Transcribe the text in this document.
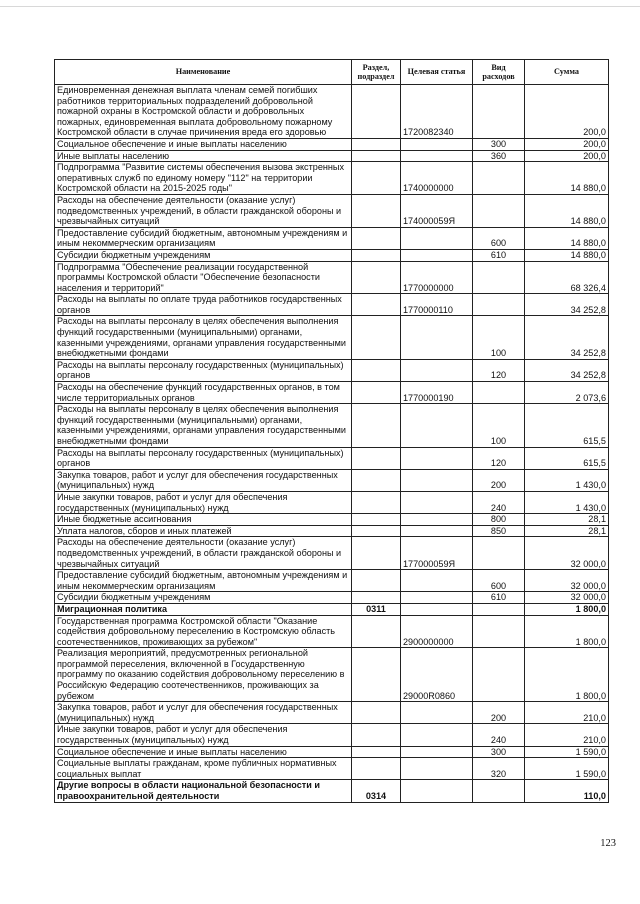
Наименование	Раздел, подраздел	Целевая статья	Вид расходов	Сумма
Единовременная денежная выплата членам семей погибших работников территориальных подразделений добровольной пожарной охраны в Костромской области и добровольных пожарных, единовременная выплата добровольному пожарному Костромской области в случае причинения вреда его здоровью		1720082340		200,0
Социальное обеспечение и иные выплаты населению			300	200,0
Иные выплаты населению			360	200,0
Подпрограмма "Развитие системы обеспечения вызова экстренных оперативных служб по единому номеру "112" на территории Костромской области на 2015-2025 годы"		1740000000		14 880,0
Расходы на обеспечение деятельности (оказание услуг) подведомственных учреждений, в области гражданской обороны и чрезвычайных ситуаций		174000059Я		14 880,0
Предоставление субсидий бюджетным, автономным учреждениям и иным некоммерческим организациям			600	14 880,0
Субсидии бюджетным учреждениям			610	14 880,0
Подпрограмма "Обеспечение реализации государственной программы Костромской области "Обеспечение безопасности населения и территорий"		1770000000		68 326,4
Расходы на выплаты по оплате труда работников государственных органов		1770000110		34 252,8
Расходы на выплаты персоналу в целях обеспечения выполнения функций государственными (муниципальными) органами, казенными учреждениями, органами управления государственными внебюджетными фондами			100	34 252,8
Расходы на выплаты персоналу государственных (муниципальных) органов			120	34 252,8
Расходы на обеспечение функций государственных органов, в том числе территориальных органов		1770000190		2 073,6
Расходы на выплаты персоналу в целях обеспечения выполнения функций государственными (муниципальными) органами, казенными учреждениями, органами управления государственными внебюджетными фондами			100	615,5
Расходы на выплаты персоналу государственных (муниципальных) органов			120	615,5
Закупка товаров, работ и услуг для обеспечения государственных (муниципальных) нужд			200	1 430,0
Иные закупки товаров, работ и услуг для обеспечения государственных (муниципальных) нужд			240	1 430,0
Иные бюджетные ассигнования			800	28,1
Уплата налогов, сборов и иных платежей			850	28,1
Расходы на обеспечение деятельности (оказание услуг) подведомственных учреждений, в области гражданской обороны и чрезвычайных ситуаций		177000059Я		32 000,0
Предоставление субсидий бюджетным, автономным учреждениям и иным некоммерческим организациям			600	32 000,0
Субсидии бюджетным учреждениям			610	32 000,0
Миграционная политика	0311			1 800,0
Государственная программа Костромской области "Оказание содействия добровольному переселению в Костромскую область соотечественников, проживающих за рубежом"		2900000000		1 800,0
Реализация мероприятий, предусмотренных региональной программой переселения, включенной в Государственную программу по оказанию содействия добровольному переселению в Российскую Федерацию соотечественников, проживающих за рубежом		29000R0860		1 800,0
Закупка товаров, работ и услуг для обеспечения государственных (муниципальных) нужд			200	210,0
Иные закупки товаров, работ и услуг для обеспечения государственных (муниципальных) нужд			240	210,0
Социальное обеспечение и иные выплаты населению			300	1 590,0
Социальные выплаты гражданам, кроме публичных нормативных социальных выплат			320	1 590,0
Другие вопросы в области национальной безопасности и правоохранительной деятельности	0314			110,0
123
